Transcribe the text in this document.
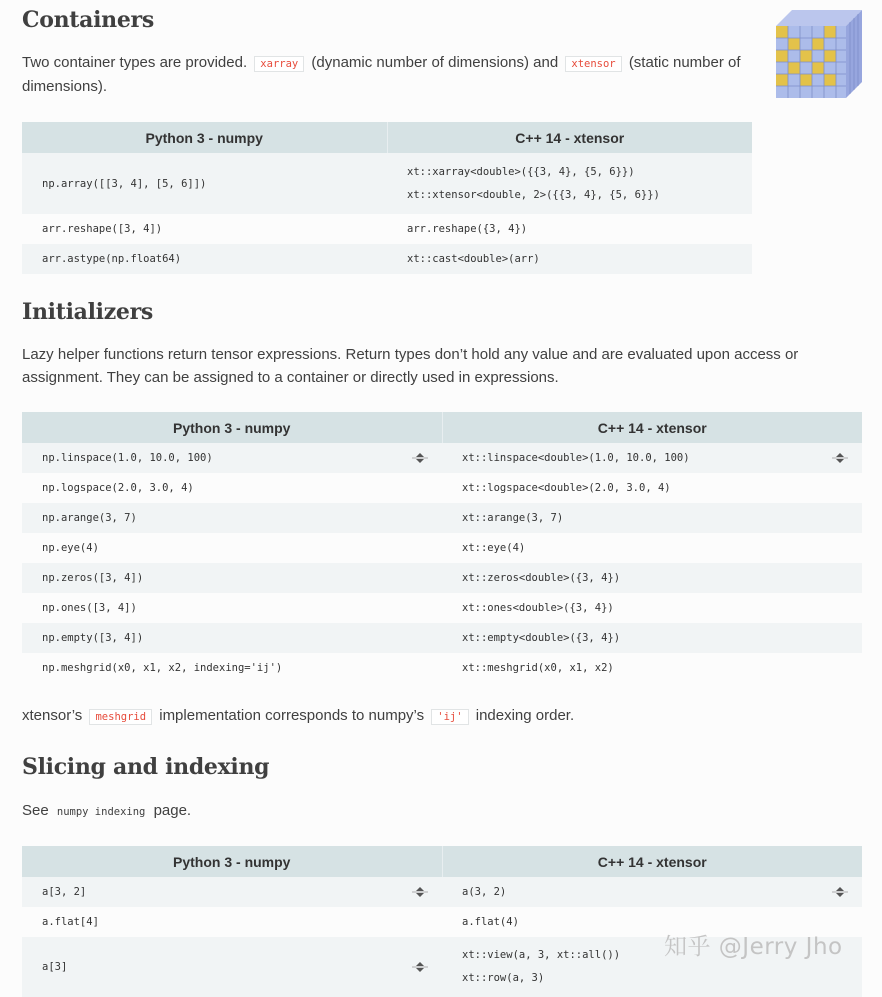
Containers

Two container types are provided. xarray (dynamic number of dimensions) and xtensor (static number of dimensions).

Python 3 - numpy	C++ 14 - xtensor
np.array([[3, 4], [5, 6]])	xt::xarray<double>({{3, 4}, {5, 6}})
xt::xtensor<double, 2>({{3, 4}, {5, 6}})

arr.reshape([3, 4])	arr.reshape({3, 4})
arr.astype(np.float64)	xt::cast<double>(arr)
Initializers

Lazy helper functions return tensor expressions. Return types don’t hold any value and are evaluated upon access or assignment. They can be assigned to a container or directly used in expressions.

Python 3 - numpy	C++ 14 - xtensor
np.linspace(1.0, 10.0, 100)	xt::linspace<double>(1.0, 10.0, 100)

np.logspace(2.0, 3.0, 4)	xt::logspace<double>(2.0, 3.0, 4)
np.arange(3, 7)	xt::arange(3, 7)
np.eye(4)	xt::eye(4)
np.zeros([3, 4])	xt::zeros<double>({3, 4})
np.ones([3, 4])	xt::ones<double>({3, 4})
np.empty([3, 4])	xt::empty<double>({3, 4})
np.meshgrid(x0, x1, x2, indexing='ij')	xt::meshgrid(x0, x1, x2)

xtensor’s meshgrid implementation corresponds to numpy’s 'ij' indexing order.

Slicing and indexing

See numpy indexing page.

Python 3 - numpy	C++ 14 - xtensor
a[3, 2]	a(3, 2)

a.flat[4]	a.flat(4)
a[3]	xt::view(a, 3, xt::all())
xt::row(a, 3)
知乎 @Jerry Jho
